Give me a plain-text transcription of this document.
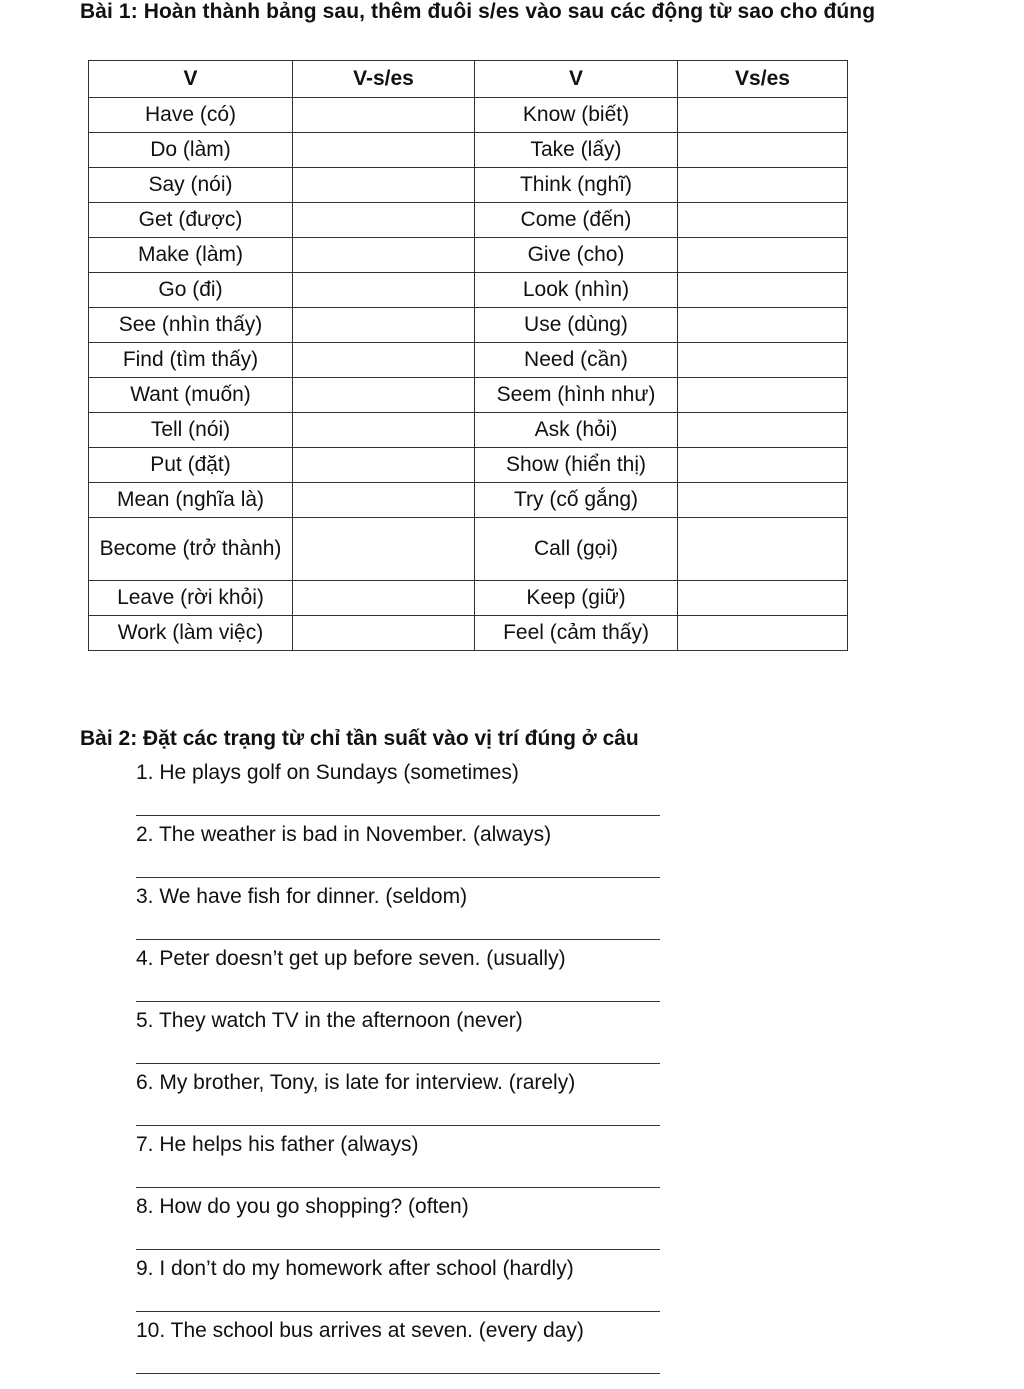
Bài 1: Hoàn thành bảng sau, thêm đuôi s/es vào sau các động từ sao cho đúng
V	V-s/es	V	Vs/es
Have (có)		Know (biết)	
Do (làm)		Take (lấy)	
Say (nói)		Think (nghĩ)	
Get (được)		Come (đến)	
Make (làm)		Give (cho)	
Go (đi)		Look (nhìn)	
See (nhìn thấy)		Use (dùng)	
Find (tìm thấy)		Need (cần)	
Want (muốn)		Seem (hình như)	
Tell (nói)		Ask (hỏi)	
Put (đặt)		Show (hiển thị)	
Mean (nghĩa là)		Try (cố gắng)	
Become (trở thành)		Call (gọi)	
Leave (rời khỏi)		Keep (giữ)	
Work (làm việc)		Feel (cảm thấy)	
Bài 2: Đặt các trạng từ chỉ tần suất vào vị trí đúng ở câu
1. He plays golf on Sundays (sometimes)
2. The weather is bad in November. (always)
3. We have fish for dinner. (seldom)
4. Peter doesn’t get up before seven. (usually)
5. They watch TV in the afternoon (never)
6. My brother, Tony, is late for interview. (rarely)
7. He helps his father (always)
8. How do you go shopping? (often)
9. I don’t do my homework after school (hardly)
10. The school bus arrives at seven. (every day)
